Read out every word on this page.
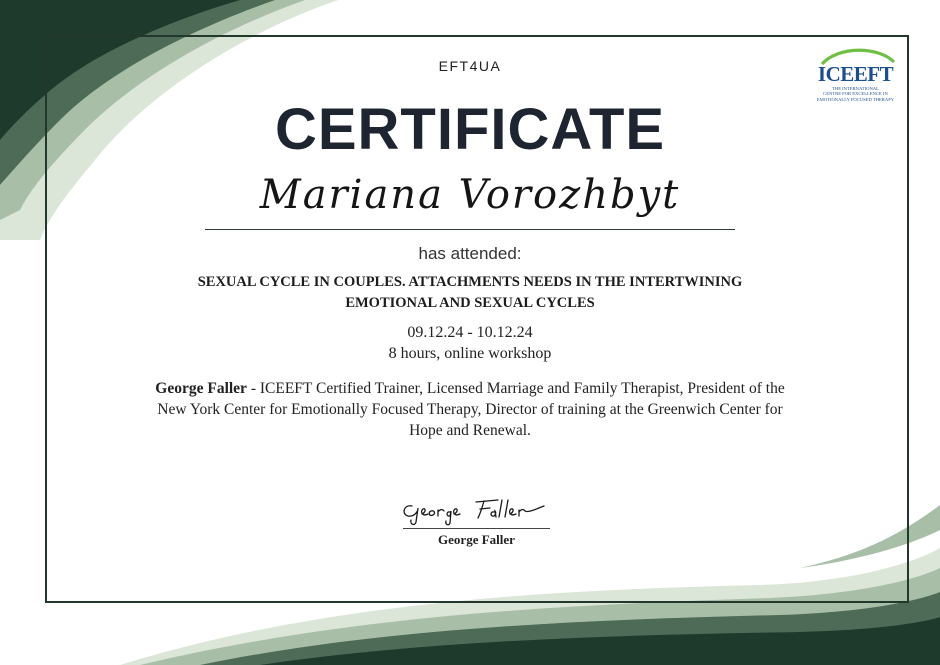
EFT4UA
CERTIFICATE
Mariana Vorozhbyt
has attended:
SEXUAL CYCLE IN COUPLES. ATTACHMENTS NEEDS IN THE INTERTWINING EMOTIONAL AND SEXUAL CYCLES
09.12.24 - 10.12.24
8 hours, online workshop
George Faller - ICEEFT Certified Trainer, Licensed Marriage and Family Therapist, President of the New York Center for Emotionally Focused Therapy, Director of training at the Greenwich Center for Hope and Renewal.
George Faller
ICEEFT
THE INTERNATIONAL
CENTRE FOR EXCELLENCE IN
EMOTIONALLY FOCUSED THERAPY
